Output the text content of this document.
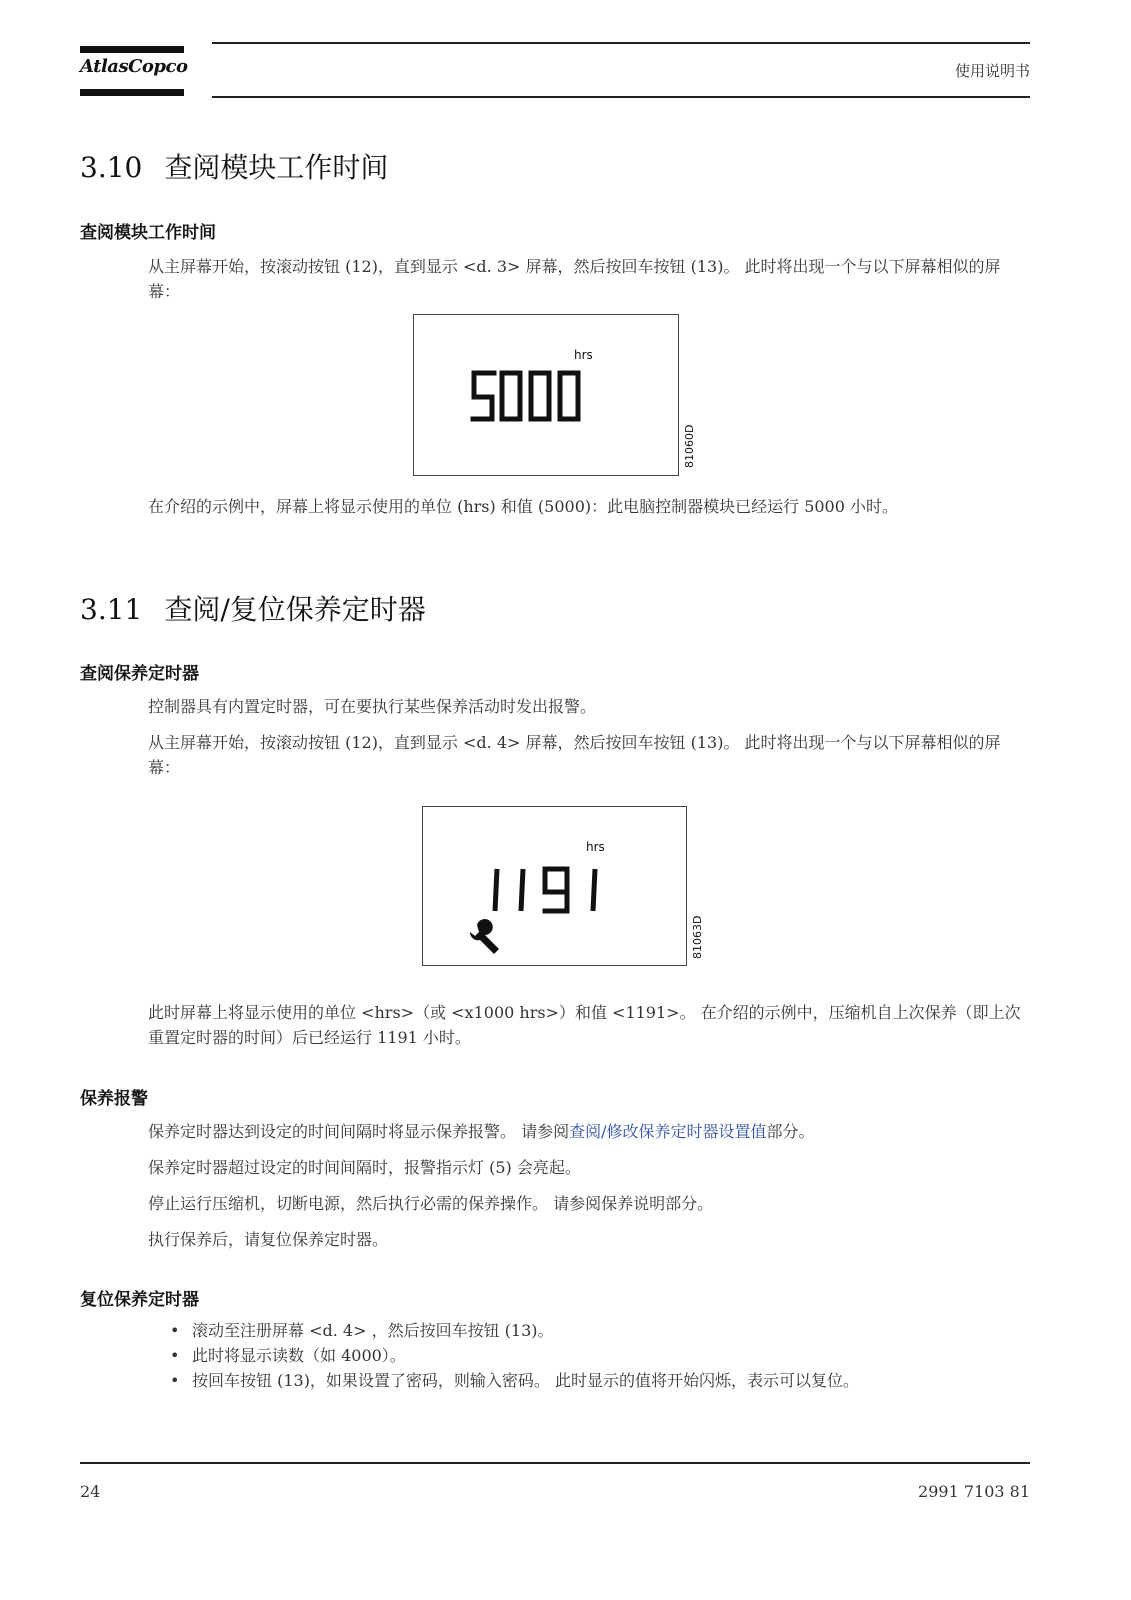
AtlasCopco	使用说明书
3.10 查阅模块工作时间
查阅模块工作时间
从主屏幕开始，按滚动按钮 (12)，直到显示 <d. 3> 屏幕，然后按回车按钮 (13)。 此时将出现一个与以下屏幕相似的屏幕：
hrs
81060D
在介绍的示例中，屏幕上将显示使用的单位 (hrs) 和值 (5000)：此电脑控制器模块已经运行 5000 小时。
3.11 查阅/复位保养定时器
查阅保养定时器
控制器具有内置定时器，可在要执行某些保养活动时发出报警。
从主屏幕开始，按滚动按钮 (12)，直到显示 <d. 4> 屏幕，然后按回车按钮 (13)。 此时将出现一个与以下屏幕相似的屏幕：
hrs
81063D
此时屏幕上将显示使用的单位 <hrs>（或 <x1000 hrs>）和值 <1191>。 在介绍的示例中，压缩机自上次保养（即上次重置定时器的时间）后已经运行 1191 小时。
保养报警
保养定时器达到设定的时间间隔时将显示保养报警。 请参阅查阅/修改保养定时器设置值部分。
保养定时器超过设定的时间间隔时，报警指示灯 (5) 会亮起。
停止运行压缩机，切断电源，然后执行必需的保养操作。 请参阅保养说明部分。
执行保养后，请复位保养定时器。
复位保养定时器
• 滚动至注册屏幕 <d. 4> ，然后按回车按钮 (13)。
• 此时将显示读数（如 4000）。
• 按回车按钮 (13)，如果设置了密码，则输入密码。 此时显示的值将开始闪烁，表示可以复位。
24	2991 7103 81
